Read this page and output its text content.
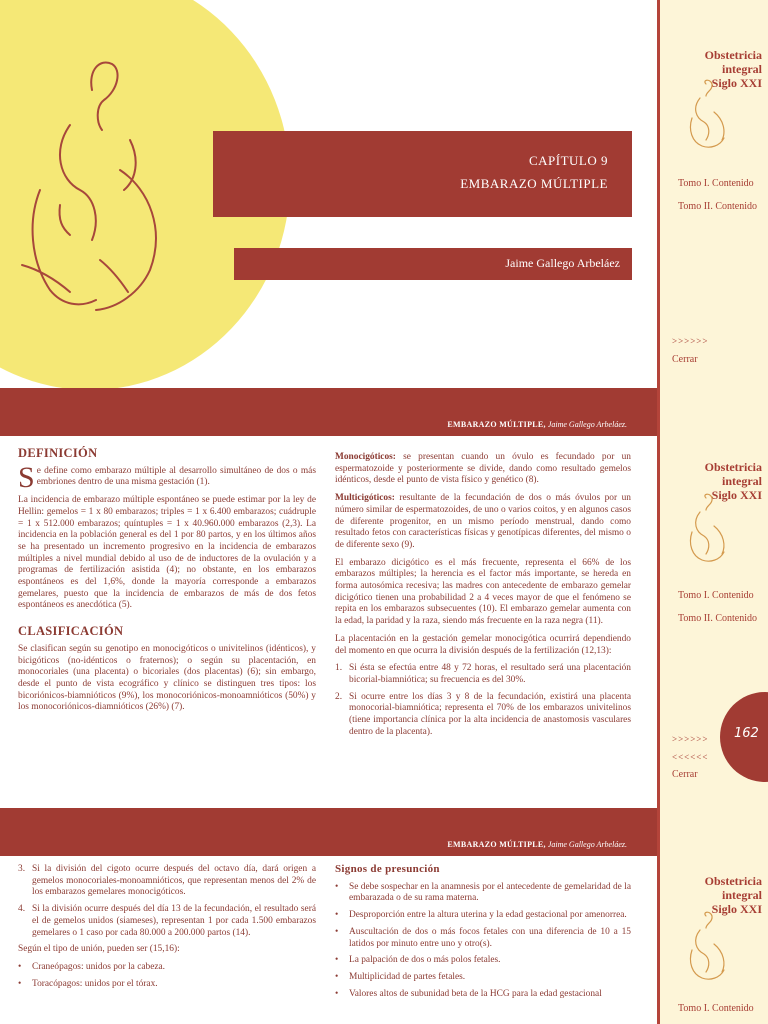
CAPÍTULO 9
EMBARAZO MÚLTIPLE
Jaime Gallego Arbeláez
Obstetricia integral
Siglo XXI
Tomo I. Contenido
Tomo II. Contenido
>>>>>>
Cerrar
EMBARAZO MÚLTIPLE, Jaime Gallego Arbeláez.
DEFINICIÓN

Se define como embarazo múltiple al desarrollo simultáneo de dos o más embriones dentro de una misma gestación (1).

La incidencia de embarazo múltiple espontáneo se puede estimar por la ley de Hellin: gemelos = 1 x 80 embarazos; triples = 1 x 6.400 embarazos; cuádruple = 1 x 512.000 embarazos; quíntuples = 1 x 40.960.000 embarazos (2,3). La incidencia en la población general es del 1 por 80 partos, y en los últimos años se ha presentado un incremento progresivo en la incidencia de embarazos múltiples a nivel mundial debido al uso de de inductores de la ovulación y a programas de fertilización asistida (4); no obstante, en los embarazos espontáneos es del 1,6%, donde la mayoría corresponde a embarazos gemelares, puesto que la incidencia de embarazos de más de dos fetos espontáneos es anecdótica (5).

CLASIFICACIÓN

Se clasifican según su genotipo en monocigóticos o univitelinos (idénticos), y bicigóticos (no-idénticos o fraternos); o según su placentación, en monocoriales (una placenta) o bicoriales (dos placentas) (6); sin embargo, desde el punto de vista ecográfico y clínico se distinguen tres tipos: los bicoriónicos-biamnióticos (9%), los monocoriónicos-monoamnióticos (50%) y los monocoriónicos-diamnióticos (26%) (7).

Monocigóticos: se presentan cuando un óvulo es fecundado por un espermatozoide y posteriormente se divide, dando como resultado gemelos idénticos, desde el punto de vista físico y genético (8).

Multicigóticos: resultante de la fecundación de dos o más óvulos por un número similar de espermatozoides, de uno o varios coitos, y en algunos casos de diferente progenitor, en un mismo período menstrual, dando como resultado fetos con características físicas y genotípicas diferentes, del mismo o de diferente sexo (9).

El embarazo dicigótico es el más frecuente, representa el 66% de los embarazos múltiples; la herencia es el factor más importante, se hereda en forma autosómica recesiva; las madres con antecedente de embarazo gemelar dicigótico tienen una probabilidad 2 a 4 veces mayor de que el fenómeno se repita en los embarazos subsecuentes (10). El embarazo gemelar aumenta con la edad, la paridad y la raza, siendo más frecuente en la raza negra (11).

La placentación en la gestación gemelar monocigótica ocurrirá dependiendo del momento en que ocurra la división después de la fertilización (12,13):

1. Si ésta se efectúa entre 48 y 72 horas, el resultado será una placentación bicorial-biamniótica; su frecuencia es del 30%.
2. Si ocurre entre los días 3 y 8 de la fecundación, existirá una placenta monocorial-biamniótica; representa el 70% de los embarazos univitelinos (tiene importancia clínica por la alta incidencia de anastomosis vasculares dentro de la placenta).
Obstetricia integral
Siglo XXI
Tomo I. Contenido
Tomo II. Contenido
>>>>>>
<<<<<<
Cerrar
162
EMBARAZO MÚLTIPLE, Jaime Gallego Arbeláez.
3. Si la división del cigoto ocurre después del octavo día, dará origen a gemelos monocoriales-monoamnióticos, que representan menos del 2% de los embarazos gemelares monocigóticos.
4. Si la división ocurre después del día 13 de la fecundación, el resultado será el de gemelos unidos (siameses), representan 1 por cada 1.500 embarazos gemelares o 1 caso por cada 80.000 a 200.000 partos (14).

Según el tipo de unión, pueden ser (15,16):

• Craneópagos: unidos por la cabeza.
• Toracópagos: unidos por el tórax.
Signos de presunción
• Se debe sospechar en la anamnesis por el antecedente de gemelaridad de la embarazada o de su rama materna.
• Desproporción entre la altura uterina y la edad gestacional por amenorrea.
• Auscultación de dos o más focos fetales con una diferencia de 10 a 15 latidos por minuto entre uno y otro(s).
• La palpación de dos o más polos fetales.
• Multiplicidad de partes fetales.
• Valores altos de subunidad beta de la HCG para la edad gestacional
Obstetricia integral
Siglo XXI
Tomo I. Contenido
